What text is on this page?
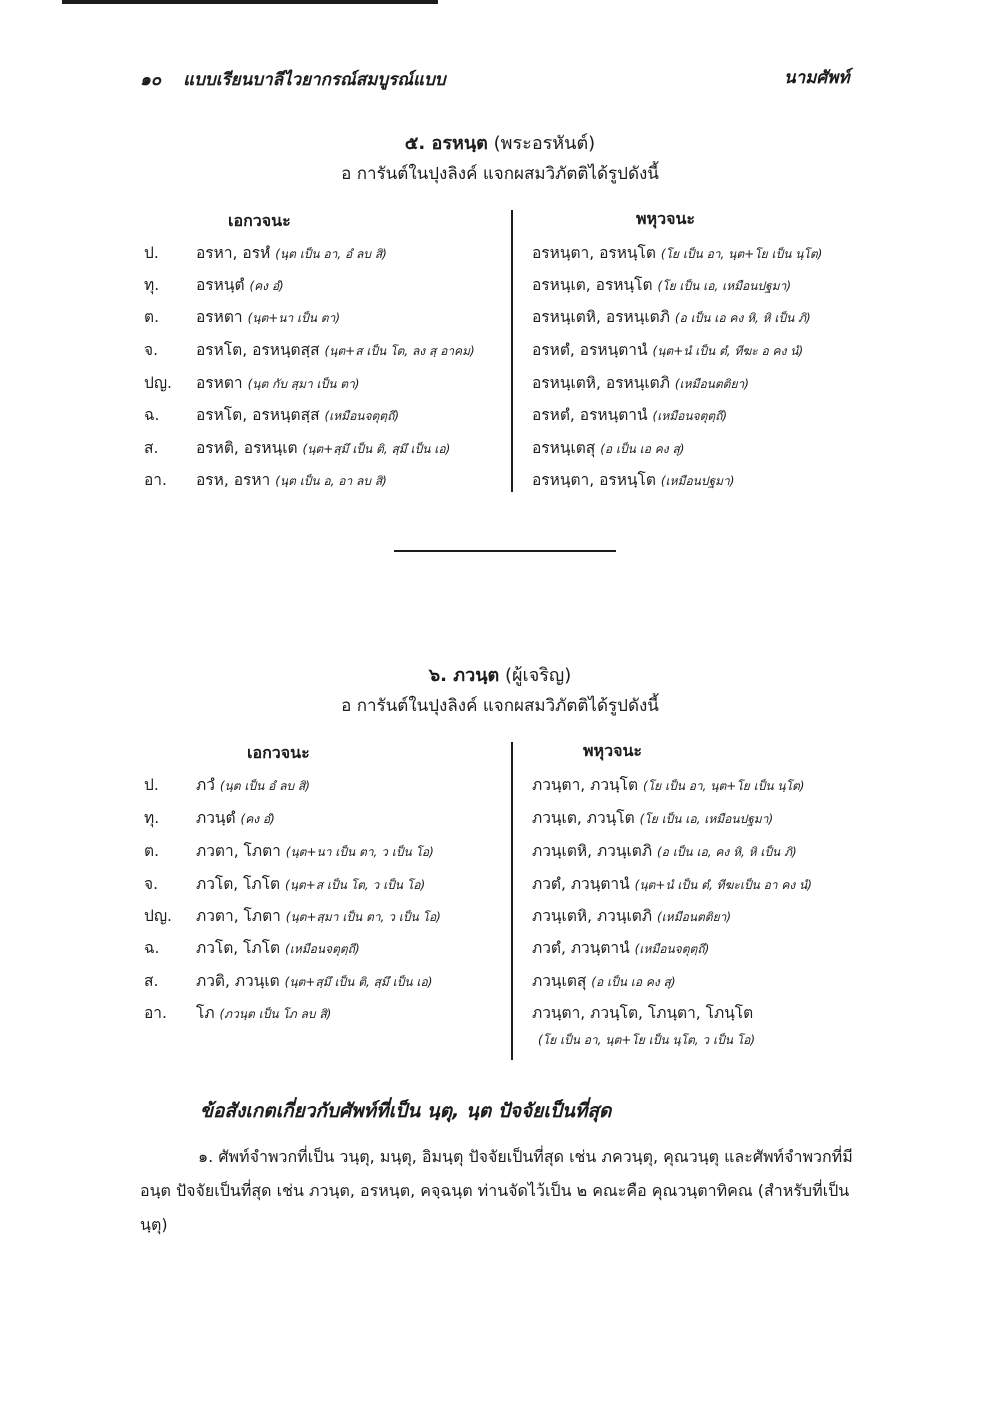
๑๐ แบบเรียนบาลีไวยากรณ์สมบูรณ์แบบ	นามศัพท์
๕. อรหนฺต (พระอรหันต์)
อ การันต์ในปุงลิงค์ แจกผสมวิภัตติได้รูปดังนี้
เอกวจนะ	พหุวจนะ
ป. อรหา, อรหํ (นฺต เป็น อา, อํ ลบ สิ)	อรหนฺตา, อรหนฺโต (โย เป็น อา, นฺต+โย เป็น นฺโต)
ทุ. อรหนฺตํ (คง อํ)	อรหนฺเต, อรหนฺโต (โย เป็น เอ, เหมือนปฐมา)
ต. อรหตา (นฺต+นา เป็น ตา)	อรหนฺเตหิ, อรหนฺเตภิ (อ เป็น เอ คง หิ, หิ เป็น ภิ)
จ. อรหโต, อรหนฺตสฺส (นฺต+ส เป็น โต, ลง สฺ อาคม)	อรหตํ, อรหนฺตานํ (นฺต+นํ เป็น ตํ, ทีฆะ อ คง นํ)
ปญ. อรหตา (นฺต กับ สฺมา เป็น ตา)	อรหนฺเตหิ, อรหนฺเตภิ (เหมือนตติยา)
ฉ. อรหโต, อรหนฺตสฺส (เหมือนจตุตฺถี)	อรหตํ, อรหนฺตานํ (เหมือนจตุตฺถี)
ส. อรหติ, อรหนฺเต (นฺต+สฺมึ เป็น ติ, สฺมึ เป็น เอ)	อรหนฺเตสุ (อ เป็น เอ คง สุ)
อา. อรห, อรหา (นฺต เป็น อ, อา ลบ สิ)	อรหนฺตา, อรหนฺโต (เหมือนปฐมา)
๖. ภวนฺต (ผู้เจริญ)
อ การันต์ในปุงลิงค์ แจกผสมวิภัตติได้รูปดังนี้
เอกวจนะ	พหุวจนะ
ป. ภวํ (นฺต เป็น อํ ลบ สิ)	ภวนฺตา, ภวนฺโต (โย เป็น อา, นฺต+โย เป็น นฺโต)
ทุ. ภวนฺตํ (คง อํ)	ภวนฺเต, ภวนฺโต (โย เป็น เอ, เหมือนปฐมา)
ต. ภวตา, โภตา (นฺต+นา เป็น ตา, ว เป็น โอ)	ภวนฺเตหิ, ภวนฺเตภิ (อ เป็น เอ, คง หิ, หิ เป็น ภิ)
จ. ภวโต, โภโต (นฺต+ส เป็น โต, ว เป็น โอ)	ภวตํ, ภวนฺตานํ (นฺต+นํ เป็น ตํ, ทีฆะเป็น อา คง นํ)
ปญ. ภวตา, โภตา (นฺต+สฺมา เป็น ตา, ว เป็น โอ)	ภวนฺเตหิ, ภวนฺเตภิ (เหมือนตติยา)
ฉ. ภวโต, โภโต (เหมือนจตุตฺถี)	ภวตํ, ภวนฺตานํ (เหมือนจตุตฺถี)
ส. ภวติ, ภวนฺเต (นฺต+สฺมึ เป็น ติ, สฺมึ เป็น เอ)	ภวนฺเตสุ (อ เป็น เอ คง สุ)
อา. โภ (ภวนฺต เป็น โภ ลบ สิ)	ภวนฺตา, ภวนฺโต, โภนฺตา, โภนฺโต
(โย เป็น อา, นฺต+โย เป็น นฺโต, ว เป็น โอ)
ข้อสังเกตเกี่ยวกับศัพท์ที่เป็น นฺตุ, นฺต ปัจจัยเป็นที่สุด
๑. ศัพท์จำพวกที่เป็น วนฺตุ, มนฺตุ, อิมนฺตุ ปัจจัยเป็นที่สุด เช่น ภควนฺตุ, คุณวนฺตุ และศัพท์จำพวกที่มี อนฺต ปัจจัยเป็นที่สุด เช่น ภวนฺต, อรหนฺต, คจฺฉนฺต ท่านจัดไว้เป็น ๒ คณะคือ คุณวนฺตาทิคณ (สำหรับที่เป็น นฺตุ)
